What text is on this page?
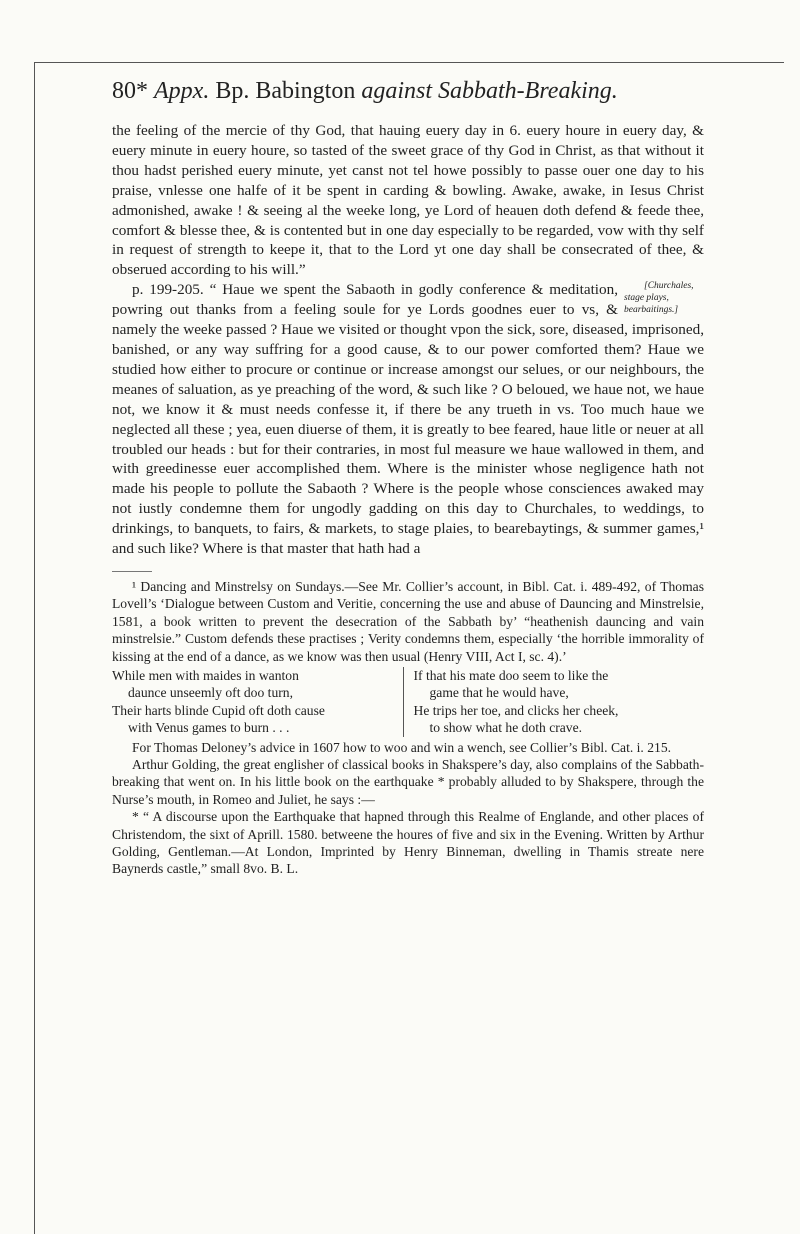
80* Appx. Bp. Babington against Sabbath-Breaking.

the feeling of the mercie of thy God, that hauing euery day in 6. euery houre in euery day, & euery minute in euery houre, so tasted of the sweet grace of thy God in Christ, as that without it thou hadst perished euery minute, yet canst not tel howe possibly to passe ouer one day to his praise, vnlesse one halfe of it be spent in carding & bowling. Awake, awake, in Iesus Christ admonished, awake ! & seeing al the weeke long, ye Lord of heauen doth defend & feede thee, comfort & blesse thee, & is contented but in one day especially to be regarded, vow with thy self in request of strength to keepe it, that to the Lord yt one day shall be consecrated of thee, & obserued according to his will.”

[Churchales, stage plays, bearbaitings.]
p. 199-205. “ Haue we spent the Sabaoth in godly conference & meditation, powring out thanks from a feeling soule for ye Lords goodnes euer to vs, & namely the weeke passed ? Haue we visited or thought vpon the sick, sore, diseased, imprisoned, banished, or any way suffring for a good cause, & to our power comforted them? Haue we studied how either to procure or continue or increase amongst our selues, or our neighbours, the meanes of saluation, as ye preaching of the word, & such like ? O beloued, we haue not, we haue not, we know it & must needs confesse it, if there be any trueth in vs. Too much haue we neglected all these ; yea, euen diuerse of them, it is greatly to bee feared, haue litle or neuer at all troubled our heads : but for their contraries, in most ful measure we haue wallowed in them, and with greedinesse euer accomplished them. Where is the minister whose negligence hath not made his people to pollute the Sabaoth ? Where is the people whose consciences awaked may not iustly condemne them for ungodly gadding on this day to Churchales, to weddings, to drinkings, to banquets, to fairs, & markets, to stage plaies, to bearebaytings, & summer games,¹ and such like? Where is that master that hath had a

¹ Dancing and Minstrelsy on Sundays.—See Mr. Collier’s account, in Bibl. Cat. i. 489-492, of Thomas Lovell’s ‘Dialogue between Custom and Veritie, concerning the use and abuse of Dauncing and Minstrelsie, 1581, a book written to prevent the desecration of the Sabbath by’ “heathenish dauncing and vain minstrelsie.” Custom defends these practises ; Verity condemns them, especially ‘the horrible immorality of kissing at the end of a dance, as we know was then usual (Henry VIII, Act I, sc. 4).’

While men with maides in wanton
daunce unseemly oft doo turn,
Their harts blinde Cupid oft doth cause
with Venus games to burn . . .
If that his mate doo seem to like the
game that he would have,
He trips her toe, and clicks her cheek,
to show what he doth crave.

For Thomas Deloney’s advice in 1607 how to woo and win a wench, see Collier’s Bibl. Cat. i. 215.

Arthur Golding, the great englisher of classical books in Shakspere’s day, also complains of the Sabbath-breaking that went on. In his little book on the earthquake * probably alluded to by Shakspere, through the Nurse’s mouth, in Romeo and Juliet, he says :—

* “ A discourse upon the Earthquake that hapned through this Realme of Englande, and other places of Christendom, the sixt of Aprill. 1580. betweene the houres of five and six in the Evening. Written by Arthur Golding, Gentleman.—At London, Imprinted by Henry Binneman, dwelling in Thamis streate nere Baynerds castle,” small 8vo. B. L.
